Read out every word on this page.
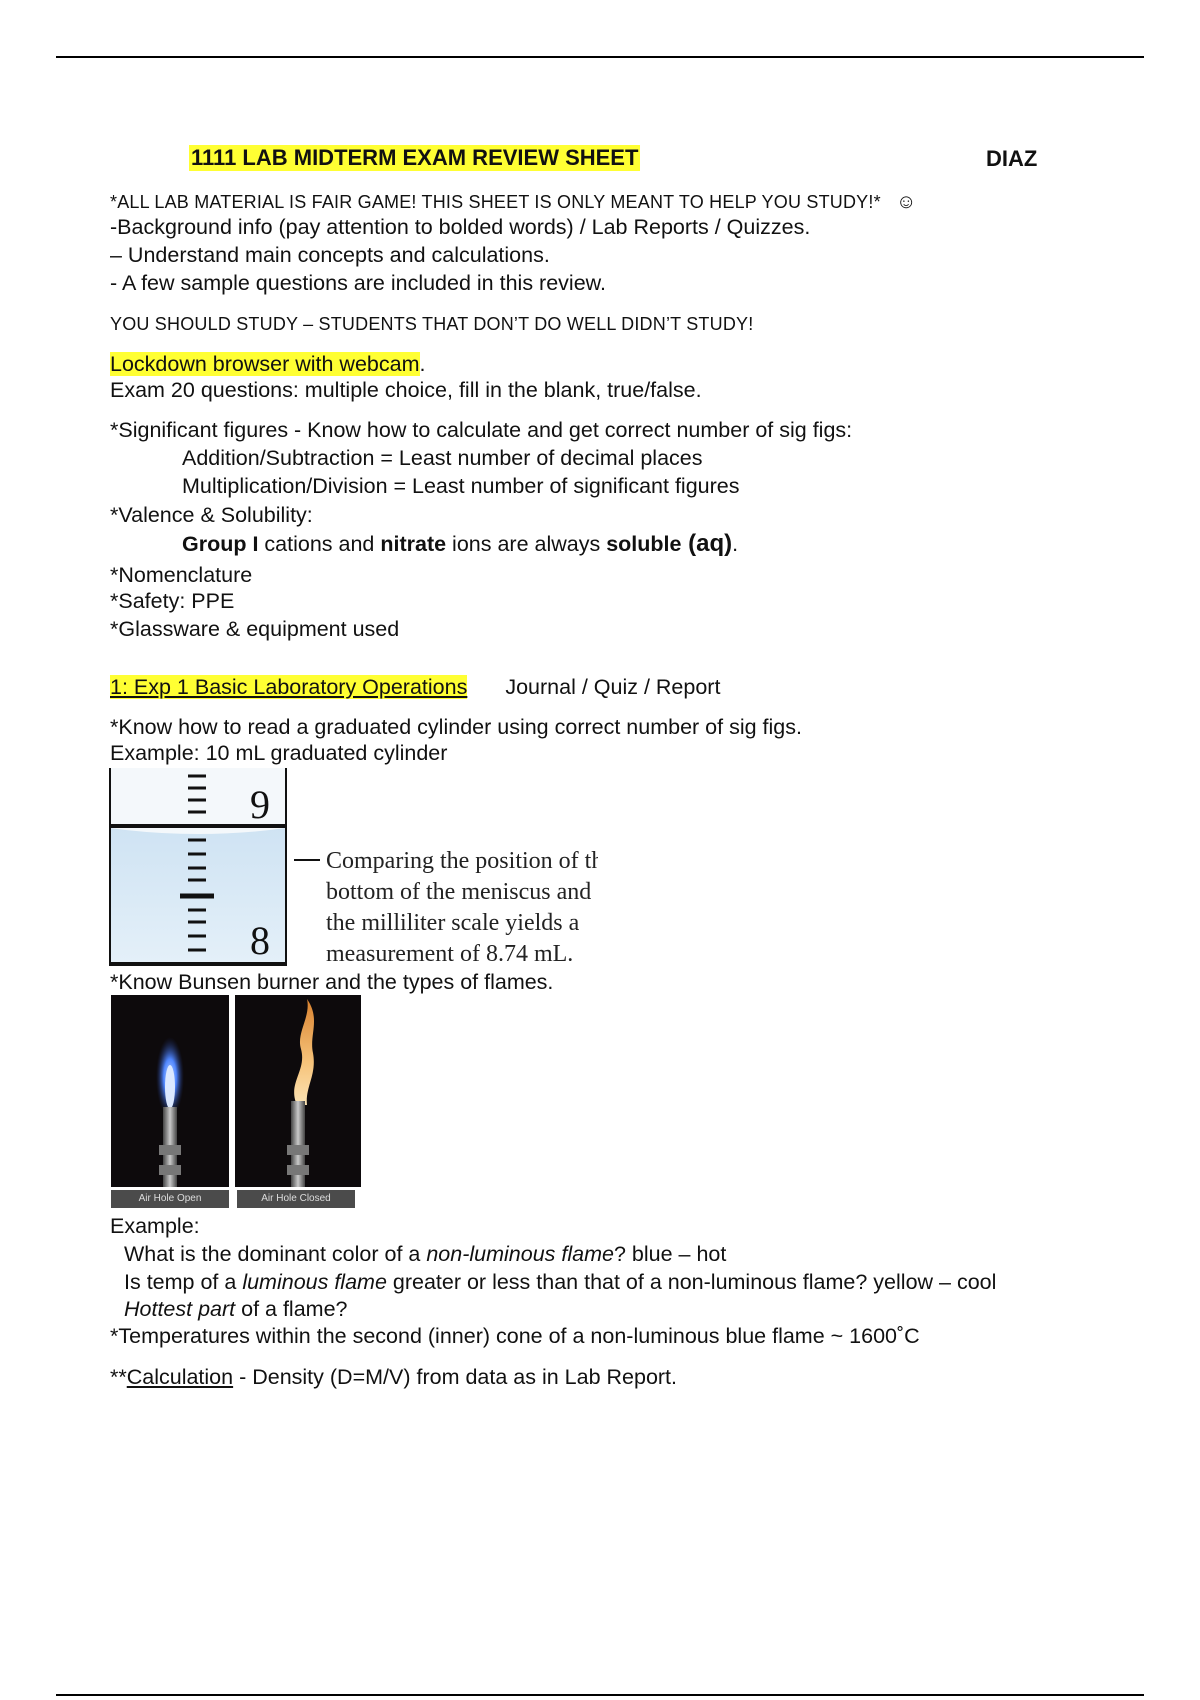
1111 LAB MIDTERM EXAM REVIEW SHEET	DIAZ
*ALL LAB MATERIAL IS FAIR GAME! THIS SHEET IS ONLY MEANT TO HELP YOU STUDY!* ☺
-Background info (pay attention to bolded words) / Lab Reports / Quizzes.
– Understand main concepts and calculations.
- A few sample questions are included in this review.
YOU SHOULD STUDY – STUDENTS THAT DON’T DO WELL DIDN’T STUDY!
Lockdown browser with webcam.
Exam 20 questions: multiple choice, fill in the blank, true/false.
*Significant figures - Know how to calculate and get correct number of sig figs:
Addition/Subtraction = Least number of decimal places
Multiplication/Division = Least number of significant figures
*Valence & Solubility:
Group I cations and nitrate ions are always soluble (aq).
*Nomenclature
*Safety: PPE
*Glassware & equipment used
1: Exp 1 Basic Laboratory Operations Journal / Quiz / Report
*Know how to read a graduated cylinder using correct number of sig figs.
Example: 10 mL graduated cylinder
9
8
Comparing the position of the
bottom of the meniscus and
the milliliter scale yields a
measurement of 8.74 mL.
*Know Bunsen burner and the types of flames.
Air Hole Open	Air Hole Closed
Example:
What is the dominant color of a non-luminous flame? blue – hot
Is temp of a luminous flame greater or less than that of a non-luminous flame? yellow – cool
Hottest part of a flame?
*Temperatures within the second (inner) cone of a non-luminous blue flame ~ 1600˚C
**Calculation - Density (D=M/V) from data as in Lab Report.
